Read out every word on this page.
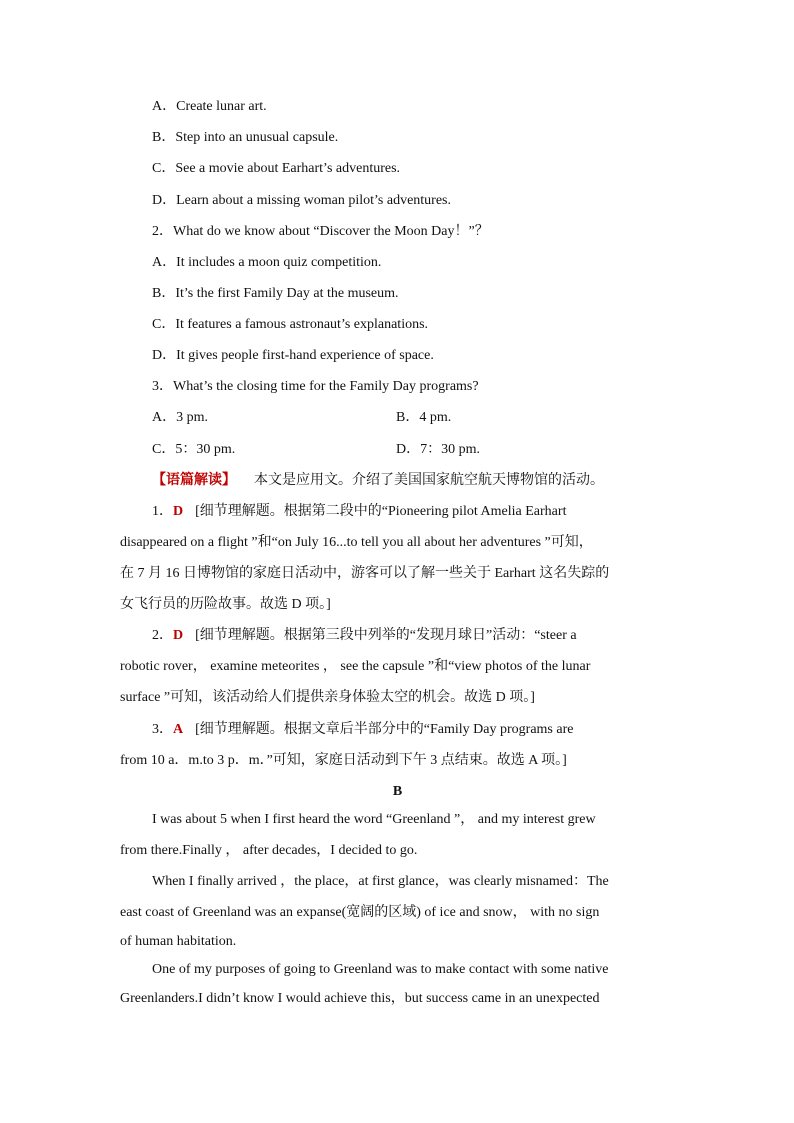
A．Create lunar art.
B．Step into an unusual capsule.
C．See a movie about Earhart’s adventures.
D．Learn about a missing woman pilot’s adventures.
2．What do we know about “Discover the Moon Day！”？
A．It includes a moon quiz competition.
B．It’s the first Family Day at the museum.
C．It features a famous astronaut’s explanations.
D．It gives people first-hand experience of space.
3．What’s the closing time for the Family Day programs?
A．3 pm.	B．4 pm.
C．5：30 pm.	D．7：30 pm.
【语篇解读】 本文是应用文。介绍了美国国家航空航天博物馆的活动。
1．D [细节理解题。根据第二段中的“Pioneering pilot Amelia Earhart
disappeared on a flight ”和“on July 16...to tell you all about her adventures ”可知，
在 7 月 16 日博物馆的家庭日活动中，游客可以了解一些关于 Earhart 这名失踪的
女飞行员的历险故事。故选 D 项。]
2．D [细节理解题。根据第三段中列举的“发现月球日”活动：“steer a
robotic rover， examine meteorites ， see the capsule ”和“view photos of the lunar
surface ”可知，该活动给人们提供亲身体验太空的机会。故选 D 项。]
3．A [细节理解题。根据文章后半部分中的“Family Day programs are
from 10 a．m.to 3 p．m．”可知，家庭日活动到下午 3 点结束。故选 A 项。]
B
I was about 5 when I first heard the word “Greenland ”， and my interest grew
from there.Finally ， after decades，I decided to go.
When I finally arrived ，the place，at first glance，was clearly misnamed：The
east coast of Greenland was an expanse(宽阔的区域) of ice and snow， with no sign
of human habitation.
One of my purposes of going to Greenland was to make contact with some native
Greenlanders.I didn’t know I would achieve this，but success came in an unexpected
